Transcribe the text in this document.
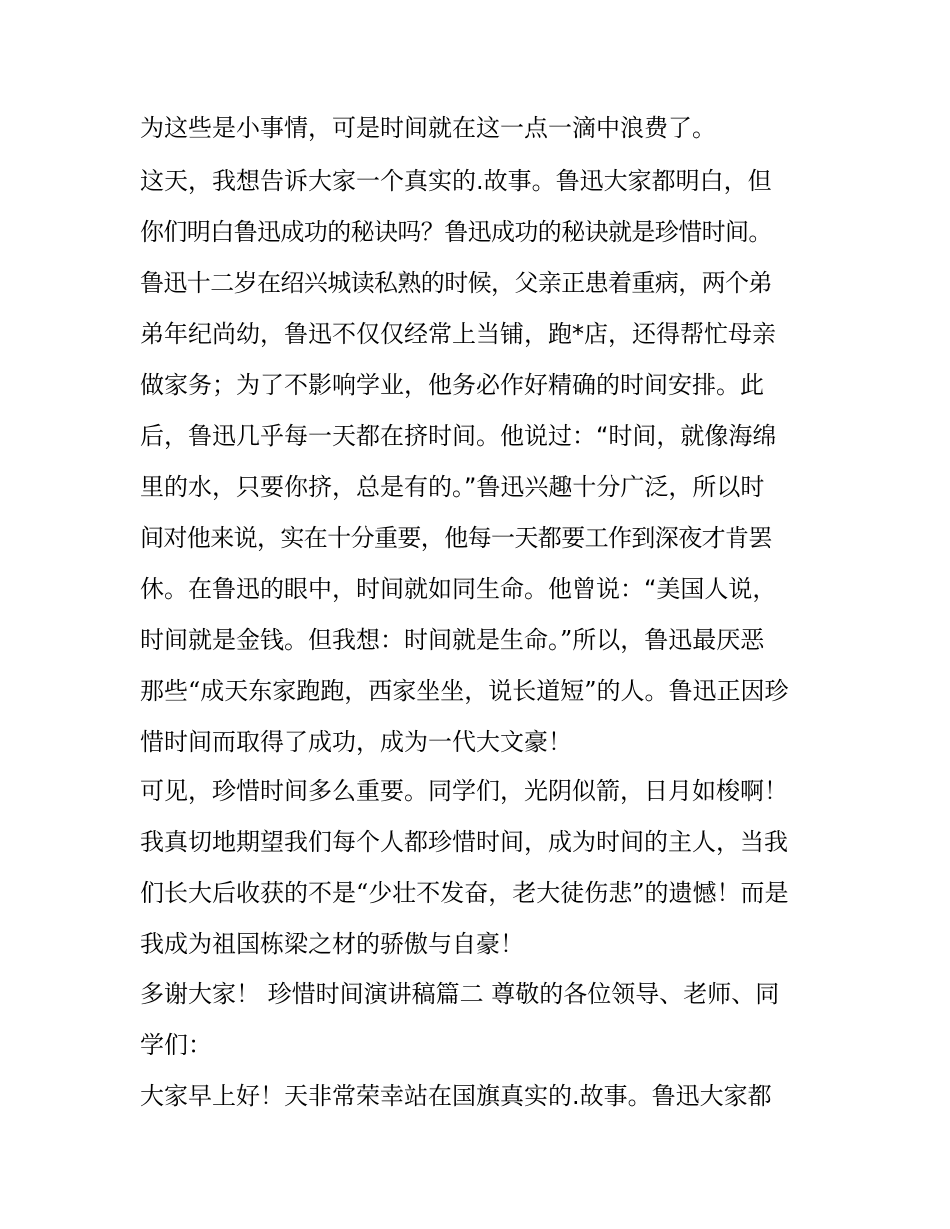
为这些是小事情，可是时间就在这一点一滴中浪费了。
这天，我想告诉大家一个真实的.故事。鲁迅大家都明白，但
你们明白鲁迅成功的秘诀吗？鲁迅成功的秘诀就是珍惜时间。
鲁迅十二岁在绍兴城读私熟的时候，父亲正患着重病，两个弟
弟年纪尚幼，鲁迅不仅仅经常上当铺，跑*店，还得帮忙母亲
做家务；为了不影响学业，他务必作好精确的时间安排。此
后，鲁迅几乎每一天都在挤时间。他说过：“时间，就像海绵
里的水，只要你挤，总是有的。”鲁迅兴趣十分广泛，所以时
间对他来说，实在十分重要，他每一天都要工作到深夜才肯罢
休。在鲁迅的眼中，时间就如同生命。他曾说：“美国人说，
时间就是金钱。但我想：时间就是生命。”所以，鲁迅最厌恶
那些“成天东家跑跑，西家坐坐，说长道短”的人。鲁迅正因珍
惜时间而取得了成功，成为一代大文豪！
可见，珍惜时间多么重要。同学们，光阴似箭，日月如梭啊！
我真切地期望我们每个人都珍惜时间，成为时间的主人，当我
们长大后收获的不是“少壮不发奋，老大徒伤悲”的遗憾！而是
我成为祖国栋梁之材的骄傲与自豪！
多谢大家！ 珍惜时间演讲稿篇二 尊敬的各位领导、老师、同
学们：
大家早上好！天非常荣幸站在国旗真实的.故事。鲁迅大家都
